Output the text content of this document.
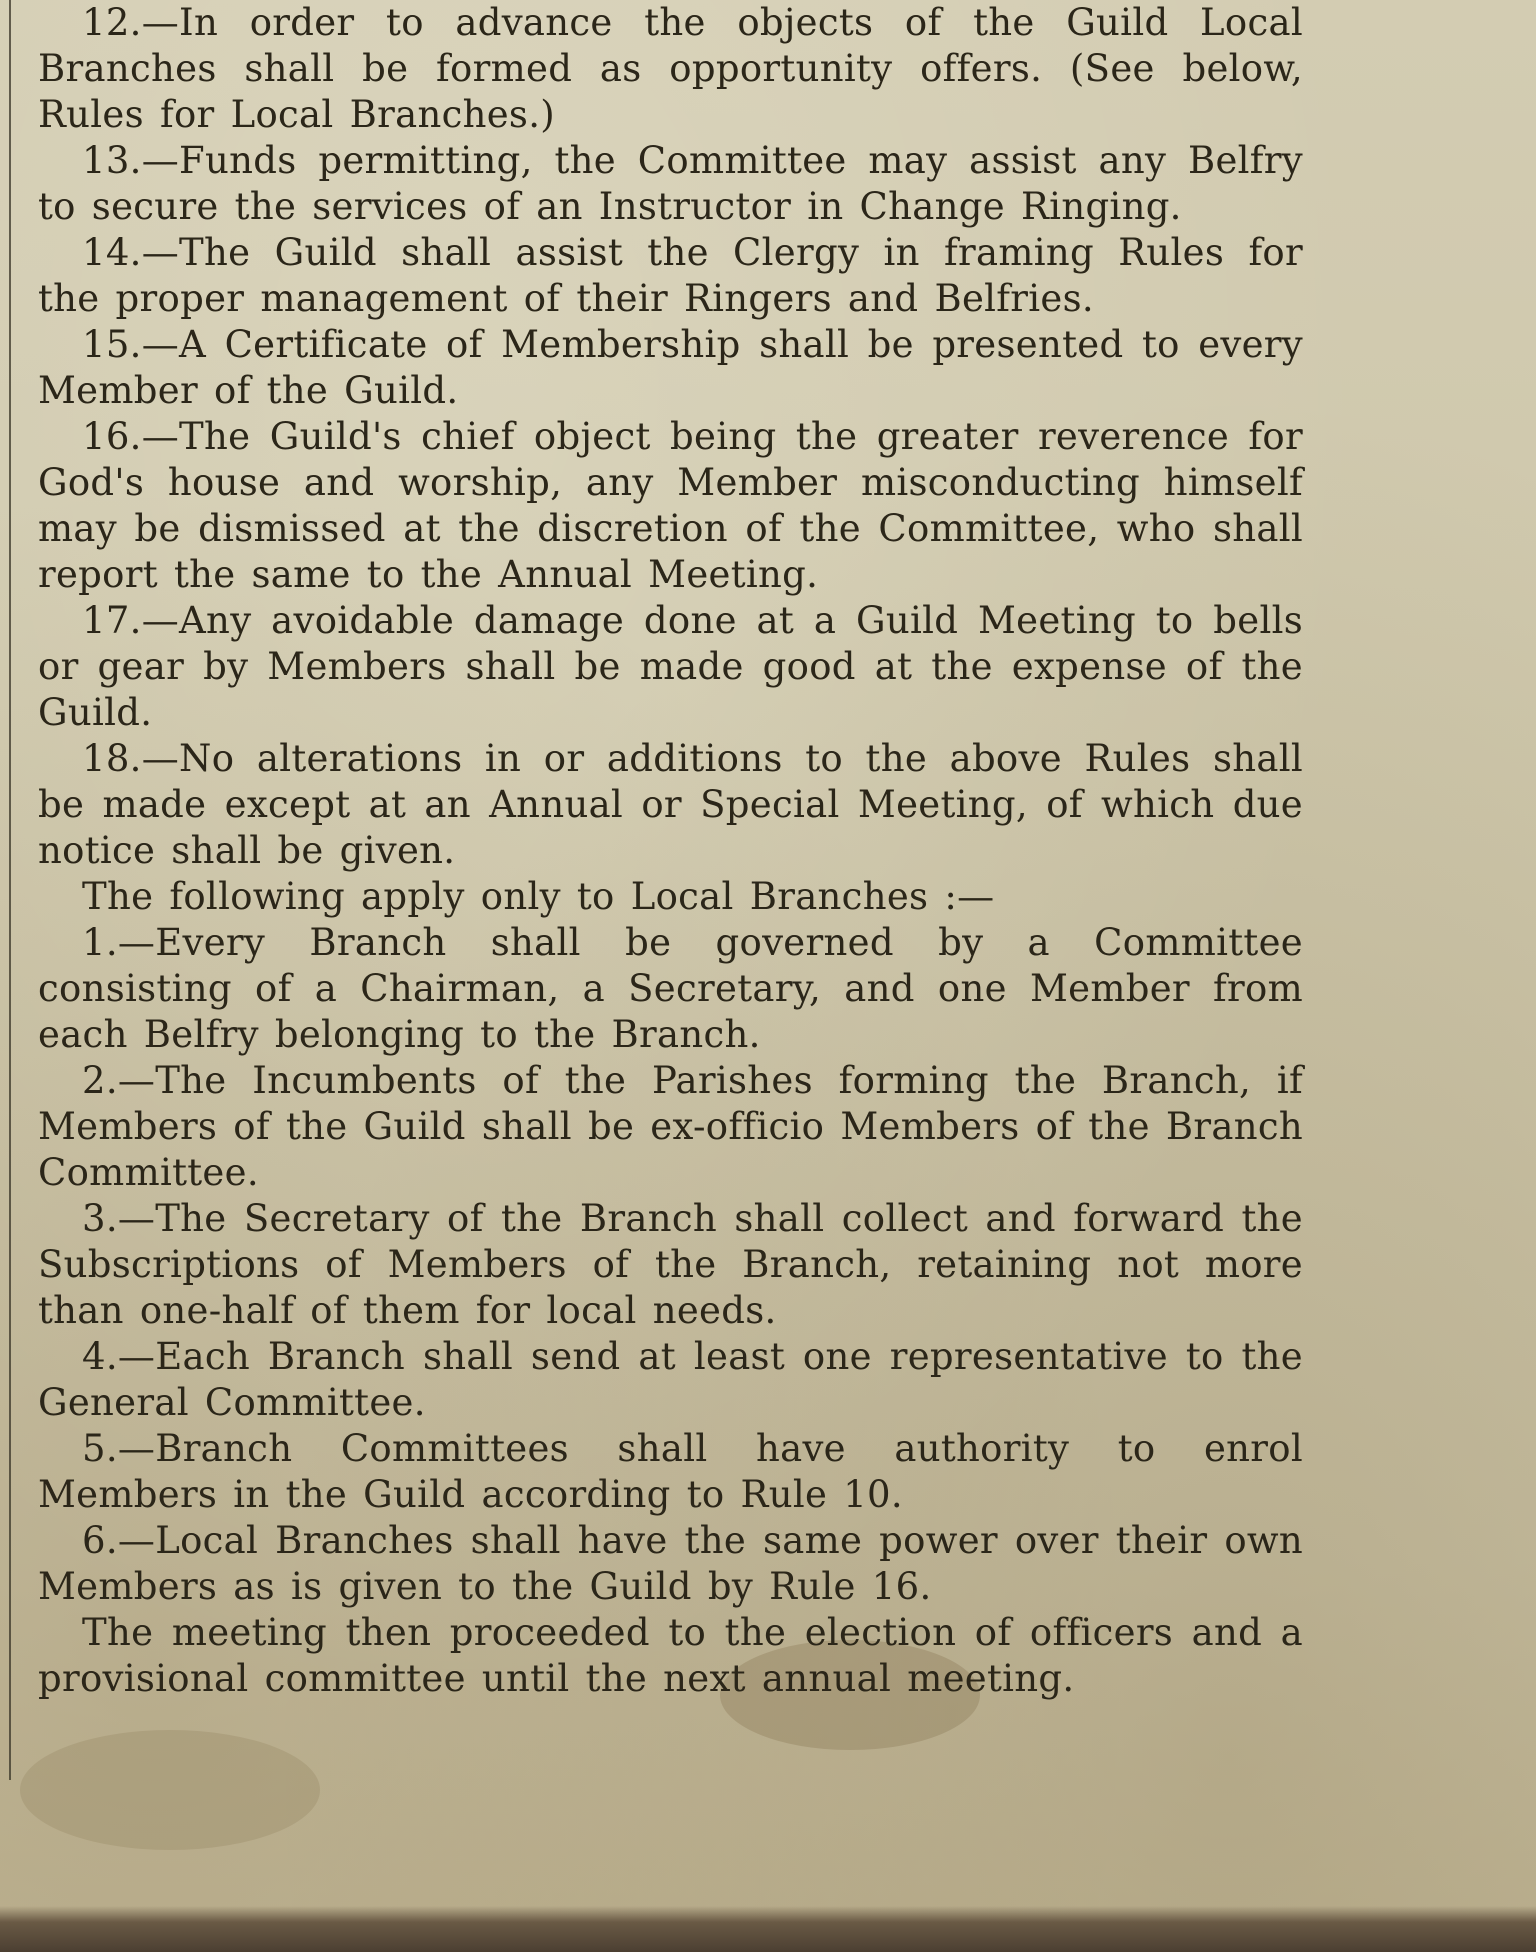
12.—In order to advance the objects of the Guild Local Branches shall be formed as opportunity offers. (See below, Rules for Local Branches.)

13.—Funds permitting, the Committee may assist any Belfry to secure the services of an Instructor in Change Ringing.

14.—The Guild shall assist the Clergy in framing Rules for the proper management of their Ringers and Belfries.

15.—A Certificate of Membership shall be presented to every Member of the Guild.

16.—The Guild's chief object being the greater reverence for God's house and worship, any Member misconducting himself may be dismissed at the discretion of the Committee, who shall report the same to the Annual Meeting.

17.—Any avoidable damage done at a Guild Meeting to bells or gear by Members shall be made good at the expense of the Guild.

18.—No alterations in or additions to the above Rules shall be made except at an Annual or Special Meeting, of which due notice shall be given.

The following apply only to Local Branches :—

1.—Every Branch shall be governed by a Committee consisting of a Chairman, a Secretary, and one Member from each Belfry belonging to the Branch.

2.—The Incumbents of the Parishes forming the Branch, if Members of the Guild shall be ex-officio Members of the Branch Committee.

3.—The Secretary of the Branch shall collect and forward the Subscriptions of Members of the Branch, retaining not more than one-half of them for local needs.

4.—Each Branch shall send at least one representative to the General Committee.

5.—Branch Committees shall have authority to enrol Members in the Guild according to Rule 10.

6.—Local Branches shall have the same power over their own Members as is given to the Guild by Rule 16.

The meeting then proceeded to the election of officers and a provisional committee until the next annual meeting.
